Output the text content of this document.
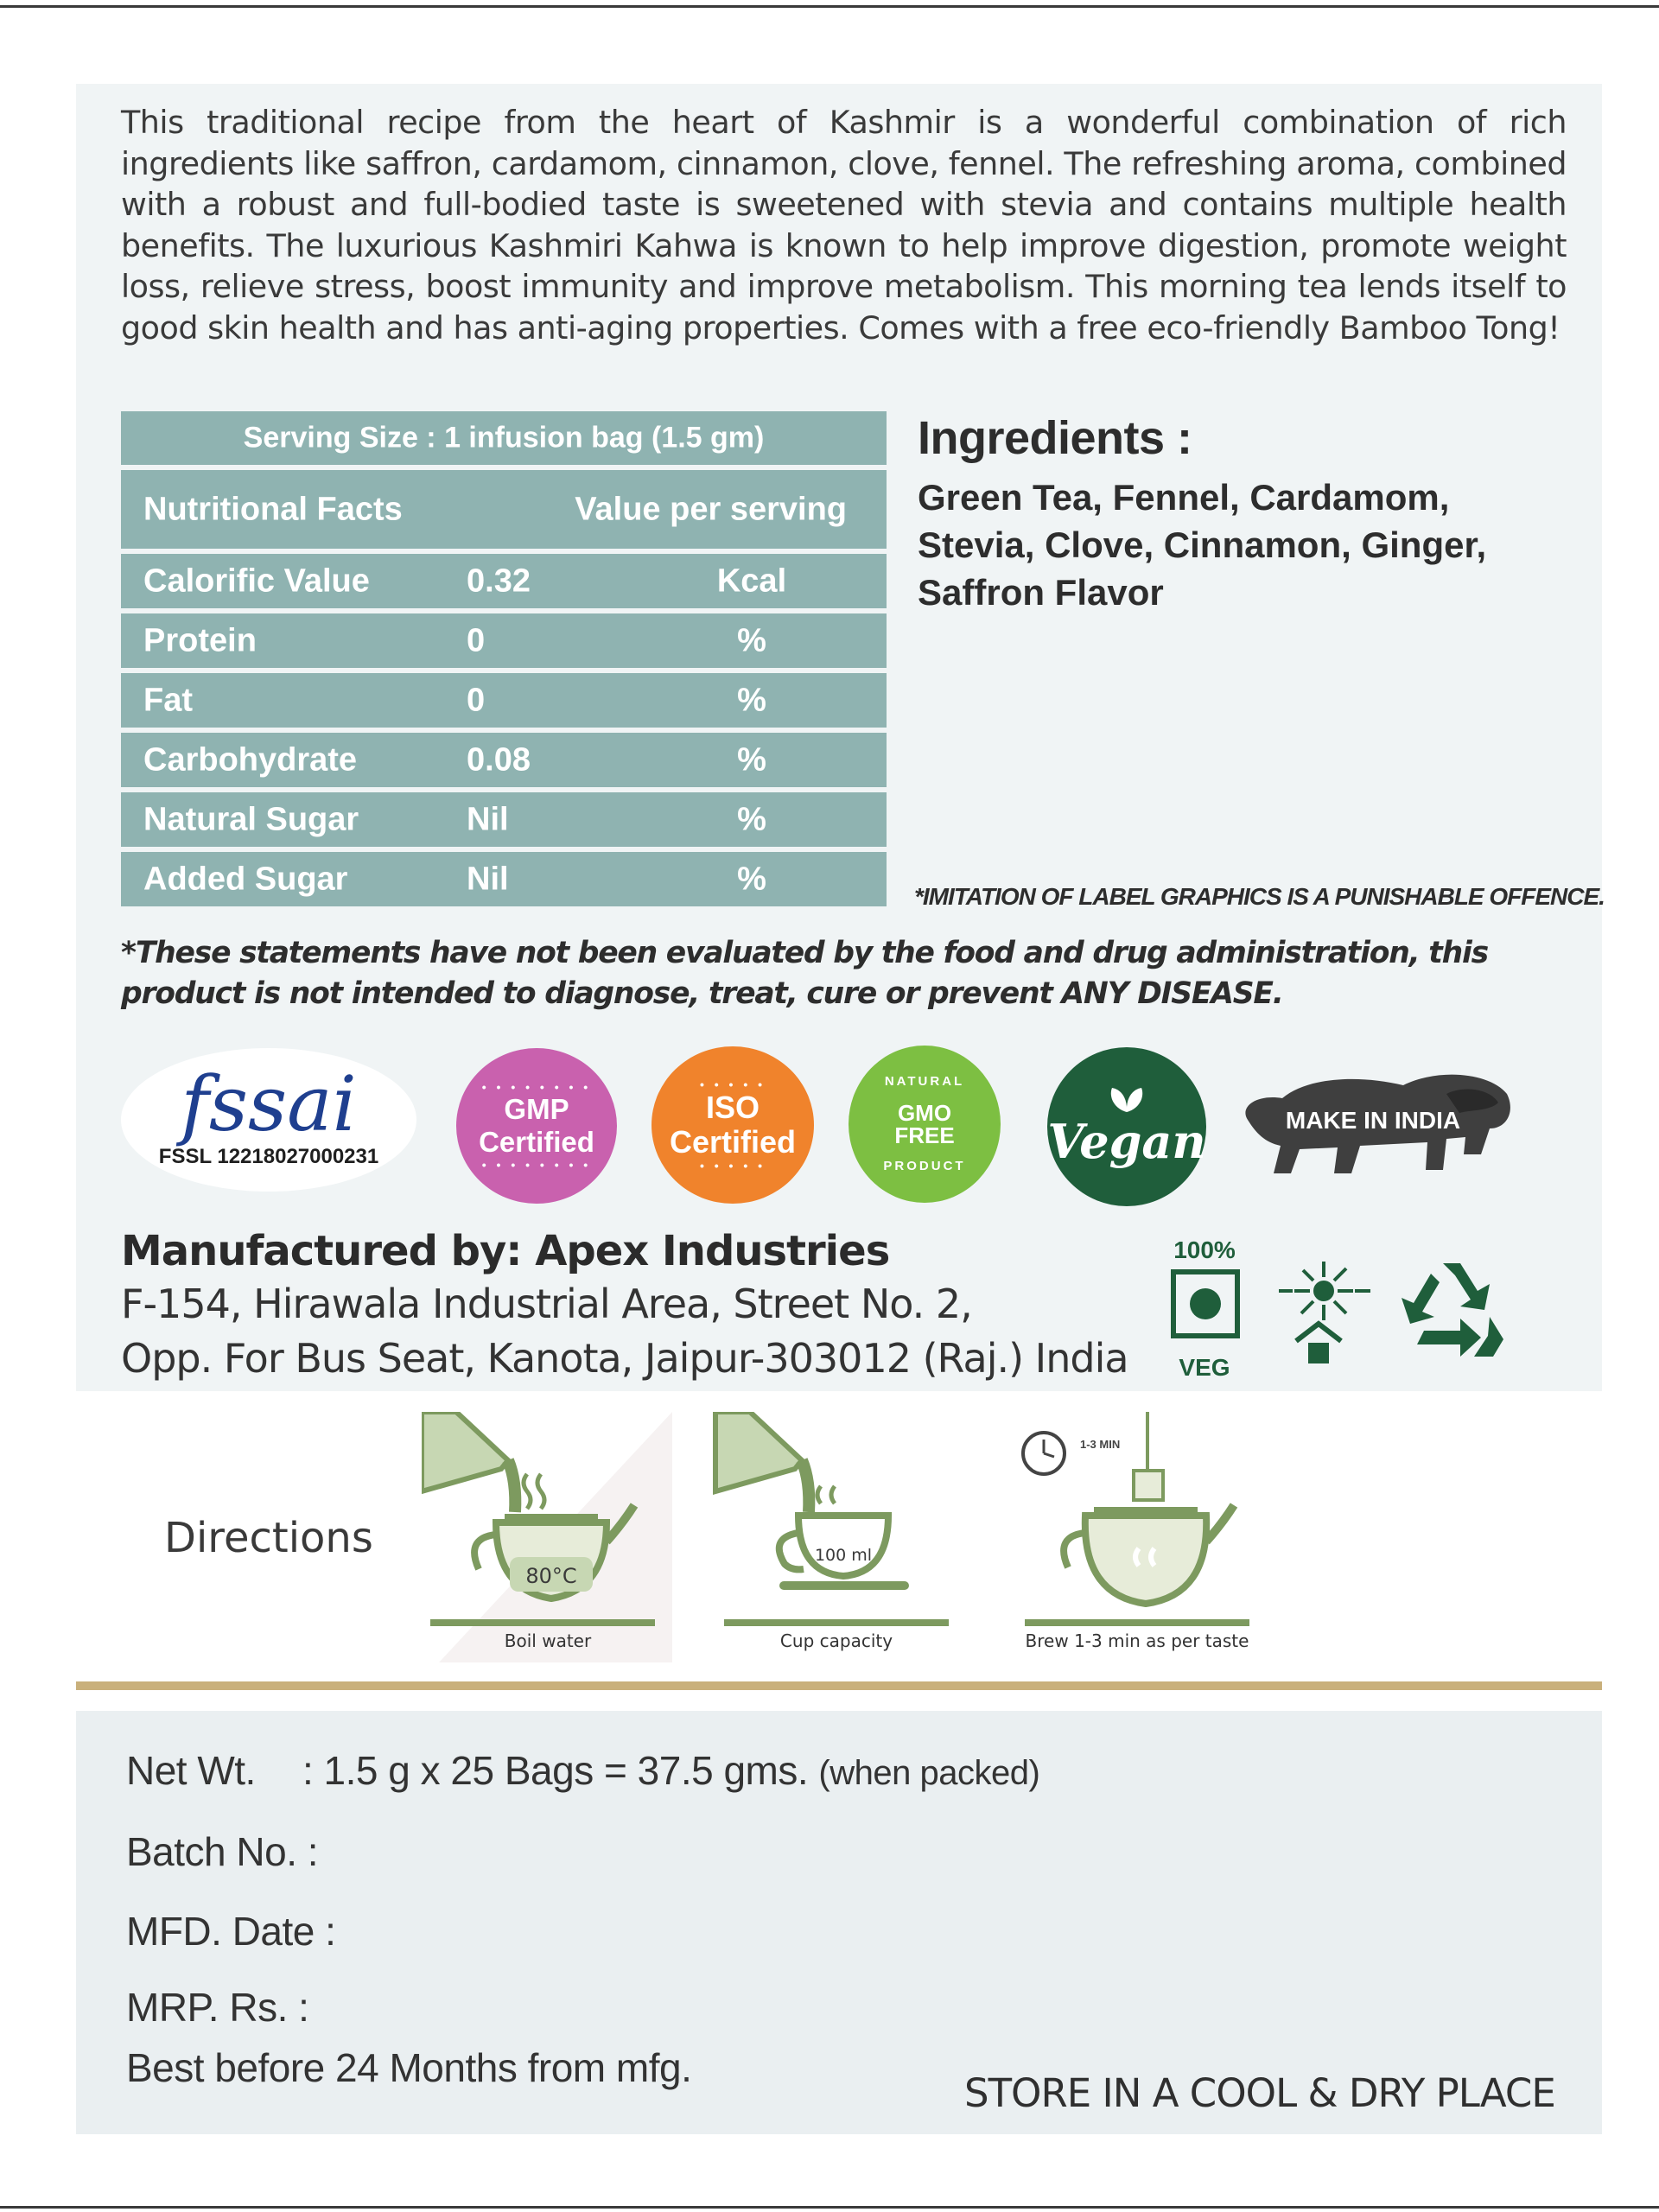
This traditional recipe from the heart of Kashmir is a wonderful combination of rich ingredients like saffron, cardamom, cinnamon, clove, fennel. The refreshing aroma, combined with a robust and full-bodied taste is sweetened with stevia and contains multiple health benefits. The luxurious Kashmiri Kahwa is known to help improve digestion, promote weight loss, relieve stress, boost immunity and improve metabolism. This morning tea lends itself to good skin health and has anti-aging properties. Comes with a free eco-friendly Bamboo Tong!

Serving Size : 1 infusion bag (1.5 gm)
Nutritional Facts	Value per serving
Calorific Value	0.32	Kcal
Protein	0	%
Fat	0	%
Carbohydrate	0.08	%
Natural Sugar	Nil	%
Added Sugar	Nil	%
Ingredients :
Green Tea, Fennel, Cardamom,
Stevia, Clove, Cinnamon, Ginger,
Saffron Flavor
*IMITATION OF LABEL GRAPHICS IS A PUNISHABLE OFFENCE.
*These statements have not been evaluated by the food and drug administration, this product is not intended to diagnose, treat, cure or prevent ANY DISEASE.
fssai
FSSL 12218027000231
• • • • • • • •
GMP
Certified
• • • • • • • •
• • • • •
ISO
Certified
• • • • •
NATURAL
GMO
FREE
PRODUCT Vegan	MAKE IN INDIA
Manufactured by: Apex Industries
F-154, Hirawala Industrial Area, Street No. 2,
Opp. For Bus Seat, Kanota, Jaipur-303012 (Raj.) India
100%
VEG
Directions
80°C
Boil water
100 ml
Cup capacity
1-3 MIN
Brew 1-3 min as per taste
Net Wt. : 1.5 g x 25 Bags = 37.5 gms. (when packed)
Batch No. :
MFD. Date :
MRP. Rs. :
Best before 24 Months from mfg.
STORE IN A COOL & DRY PLACE
